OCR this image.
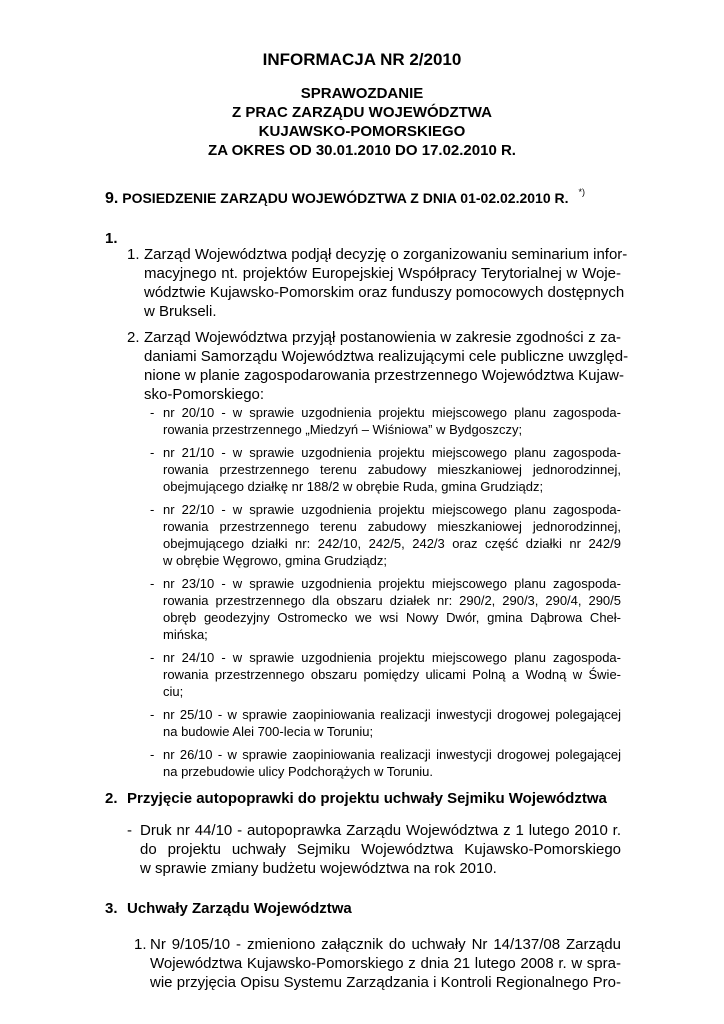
INFORMACJA NR 2/2010
SPRAWOZDANIE
Z PRAC ZARZĄDU WOJEWÓDZTWA
KUJAWSKO-POMORSKIEGO
ZA OKRES OD 30.01.2010 DO 17.02.2010 R.
9. POSIEDZENIE ZARZĄDU WOJEWÓDZTWA Z DNIA 01-02.02.2010 R. *)
1.
1. Zarząd Województwa podjął decyzję o zorganizowaniu seminarium infor-
macyjnego nt. projektów Europejskiej Współpracy Terytorialnej w Woje-
wództwie Kujawsko-Pomorskim oraz funduszy pomocowych dostępnych
w Brukseli.
2. Zarząd Województwa przyjął postanowienia w zakresie zgodności z za-
daniami Samorządu Województwa realizującymi cele publiczne uwzględ-
nione w planie zagospodarowania przestrzennego Województwa Kujaw-
sko-Pomorskiego:
- nr 20/10 - w sprawie uzgodnienia projektu miejscowego planu zagospoda-
rowania przestrzennego „Miedzyń – Wiśniowa” w Bydgoszczy;
- nr 21/10 - w sprawie uzgodnienia projektu miejscowego planu zagospoda-
rowania przestrzennego terenu zabudowy mieszkaniowej jednorodzinnej,
obejmującego działkę nr 188/2 w obrębie Ruda, gmina Grudziądz;
- nr 22/10 - w sprawie uzgodnienia projektu miejscowego planu zagospoda-
rowania przestrzennego terenu zabudowy mieszkaniowej jednorodzinnej,
obejmującego działki nr: 242/10, 242/5, 242/3 oraz część działki nr 242/9
w obrębie Węgrowo, gmina Grudziądz;
- nr 23/10 - w sprawie uzgodnienia projektu miejscowego planu zagospoda-
rowania przestrzennego dla obszaru działek nr: 290/2, 290/3, 290/4, 290/5
obręb geodezyjny Ostromecko we wsi Nowy Dwór, gmina Dąbrowa Cheł-
mińska;
- nr 24/10 - w sprawie uzgodnienia projektu miejscowego planu zagospoda-
rowania przestrzennego obszaru pomiędzy ulicami Polną a Wodną w Świe-
ciu;
- nr 25/10 - w sprawie zaopiniowania realizacji inwestycji drogowej polegającej
na budowie Alei 700-lecia w Toruniu;
- nr 26/10 - w sprawie zaopiniowania realizacji inwestycji drogowej polegającej
na przebudowie ulicy Podchorążych w Toruniu.
2. Przyjęcie autopoprawki do projektu uchwały Sejmiku Województwa
- Druk nr 44/10 - autopoprawka Zarządu Województwa z 1 lutego 2010 r.
do projektu uchwały Sejmiku Województwa Kujawsko-Pomorskiego
w sprawie zmiany budżetu województwa na rok 2010.
3. Uchwały Zarządu Województwa
1. Nr 9/105/10 - zmieniono załącznik do uchwały Nr 14/137/08 Zarządu
Województwa Kujawsko-Pomorskiego z dnia 21 lutego 2008 r. w spra-
wie przyjęcia Opisu Systemu Zarządzania i Kontroli Regionalnego Pro-
